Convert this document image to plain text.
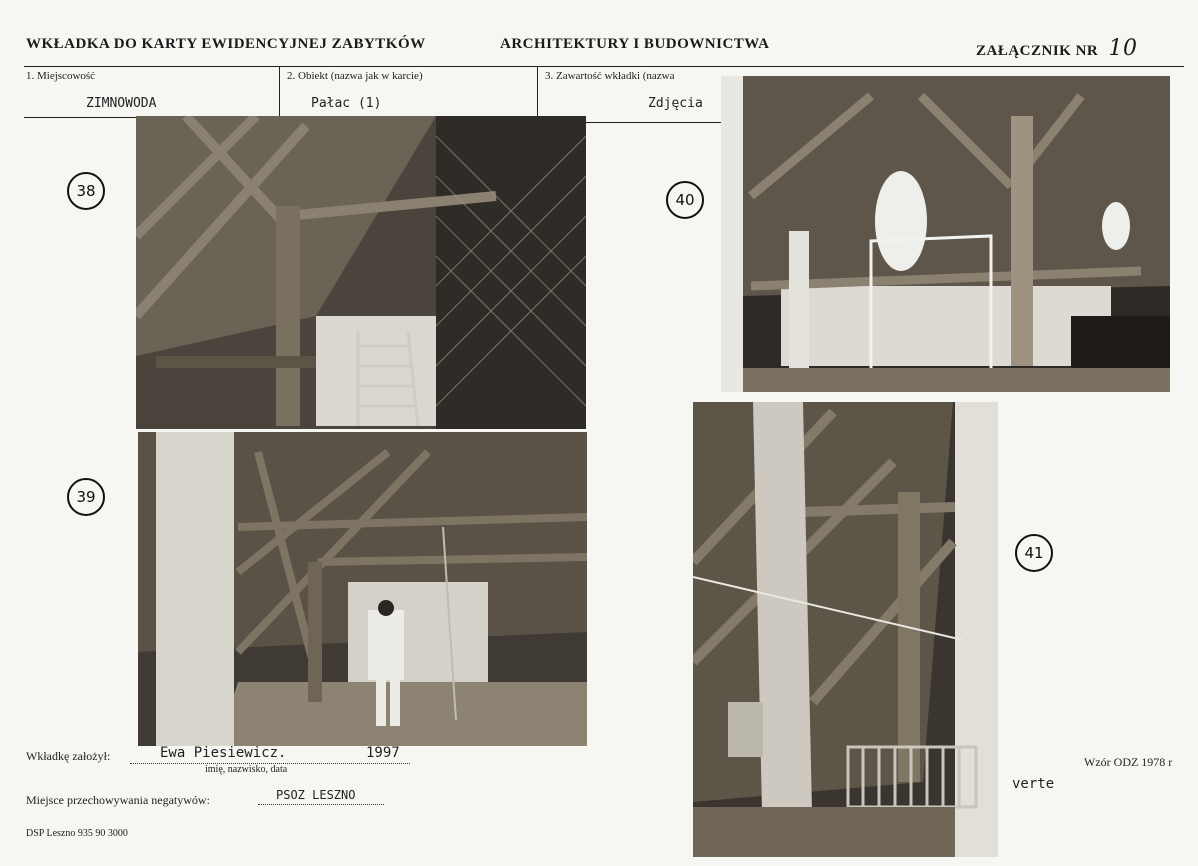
WKŁADKA DO KARTY EWIDENCYJNEJ ZABYTKÓW	ARCHITEKTURY I BUDOWNICTWA	ZAŁĄCZNIK NR 10
1. Miejscowość
ZIMNOWODA
2. Obiekt (nazwa jak w karcie)
Pałac (1)
3. Zawartość wkładki (nazwa
Zdjęcia
38
39
40
41
Wkładkę założył:	Ewa Piesiewicz.	1997
imię, nazwisko, data
Miejsce przechowywania negatywów:	PSOZ LESZNO
DSP Leszno 935 90 3000
Wzór ODZ 1978 r
verte
